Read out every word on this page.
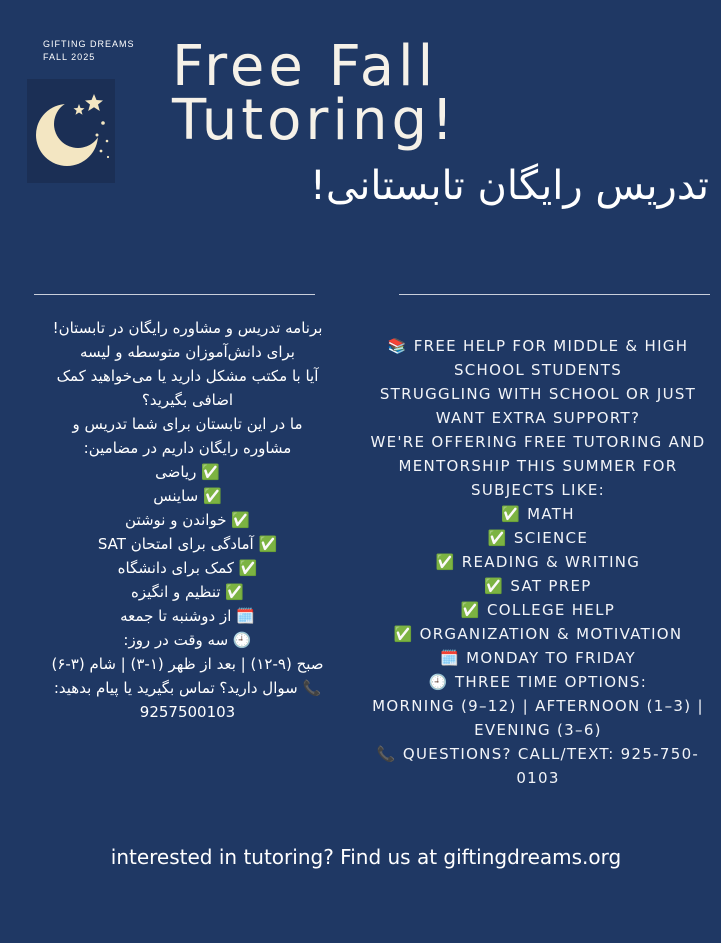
GIFTING DREAMS
FALL 2025	Free Fall
Tutoring!
تدریس رایگان تابستانی!
برنامه تدریس و مشاوره رایگان در تابستان!
برای دانش‌آموزان متوسطه و لیسه
آیا با مکتب مشکل دارید یا می‌خواهید کمک
اضافی بگیرید؟
ما در این تابستان برای شما تدریس و
مشاوره رایگان داریم در مضامین:
✅ ریاضی
✅ ساینس
✅ خواندن و نوشتن
✅ آمادگی برای امتحان SAT
✅ کمک برای دانشگاه
✅ تنظیم و انگیزه
🗓️ از دوشنبه تا جمعه
🕘 سه وقت در روز:
صبح (۹-۱۲) | بعد از ظهر (۱-۳) | شام (۳-۶)
📞 سوال دارید؟ تماس بگیرید یا پیام بدهید:
9257500103
📚 FREE HELP FOR MIDDLE & HIGH
SCHOOL STUDENTS
STRUGGLING WITH SCHOOL OR JUST
WANT EXTRA SUPPORT?
WE'RE OFFERING FREE TUTORING AND
MENTORSHIP THIS SUMMER FOR
SUBJECTS LIKE:
✅ MATH
✅ SCIENCE
✅ READING & WRITING
✅ SAT PREP
✅ COLLEGE HELP
✅ ORGANIZATION & MOTIVATION
🗓️ MONDAY TO FRIDAY
🕘 THREE TIME OPTIONS:
MORNING (9–12) | AFTERNOON (1–3) |
EVENING (3–6)
📞 QUESTIONS? CALL/TEXT: 925-750-
0103
interested in tutoring? Find us at giftingdreams.org
